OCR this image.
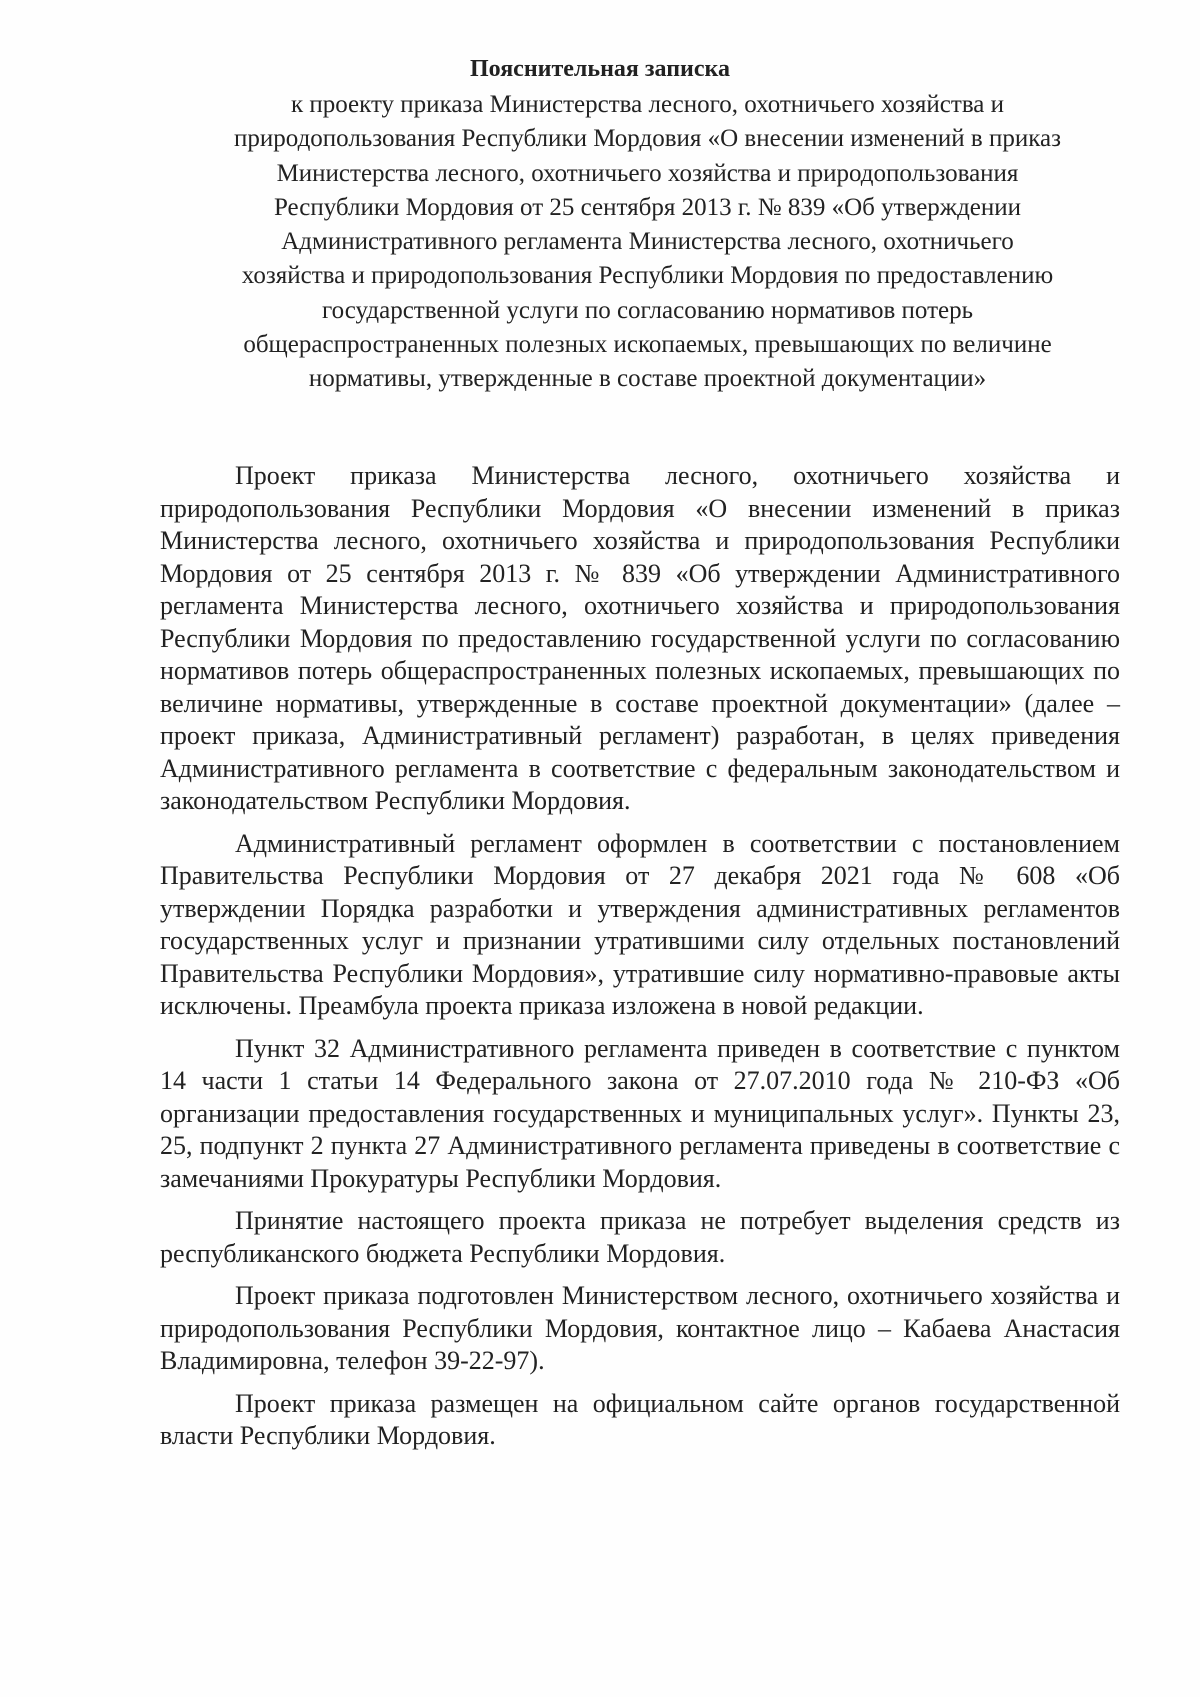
Пояснительная записка

к проекту приказа Министерства лесного, охотничьего хозяйства и
природопользования Республики Мордовия «О внесении изменений в приказ
Министерства лесного, охотничьего хозяйства и природопользования
Республики Мордовия от 25 сентября 2013 г. № 839 «Об утверждении
Административного регламента Министерства лесного, охотничьего
хозяйства и природопользования Республики Мордовия по предоставлению
государственной услуги по согласованию нормативов потерь
общераспространенных полезных ископаемых, превышающих по величине
нормативы, утвержденные в составе проектной документации»

Проект приказа Министерства лесного, охотничьего хозяйства и природопользования Республики Мордовия «О внесении изменений в приказ Министерства лесного, охотничьего хозяйства и природопользования Республики Мордовия от 25 сентября 2013 г. № 839 «Об утверждении Административного регламента Министерства лесного, охотничьего хозяйства и природопользования Республики Мордовия по предоставлению государственной услуги по согласованию нормативов потерь общераспространенных полезных ископаемых, превышающих по величине нормативы, утвержденные в составе проектной документации» (далее – проект приказа, Административный регламент) разработан, в целях приведения Административного регламента в соответствие с федеральным законодательством и законодательством Республики Мордовия.

Административный регламент оформлен в соответствии с постановлением Правительства Республики Мордовия от 27 декабря 2021 года № 608 «Об утверждении Порядка разработки и утверждения административных регламентов государственных услуг и признании утратившими силу отдельных постановлений Правительства Республики Мордовия», утратившие силу нормативно-правовые акты исключены. Преамбула проекта приказа изложена в новой редакции.

Пункт 32 Административного регламента приведен в соответствие с пунктом 14 части 1 статьи 14 Федерального закона от 27.07.2010 года № 210-ФЗ «Об организации предоставления государственных и муниципальных услуг». Пункты 23, 25, подпункт 2 пункта 27 Административного регламента приведены в соответствие с замечаниями Прокуратуры Республики Мордовия.

Принятие настоящего проекта приказа не потребует выделения средств из республиканского бюджета Республики Мордовия.

Проект приказа подготовлен Министерством лесного, охотничьего хозяйства и природопользования Республики Мордовия, контактное лицо – Кабаева Анастасия Владимировна, телефон 39-22-97).

Проект приказа размещен на официальном сайте органов государственной власти Республики Мордовия.
